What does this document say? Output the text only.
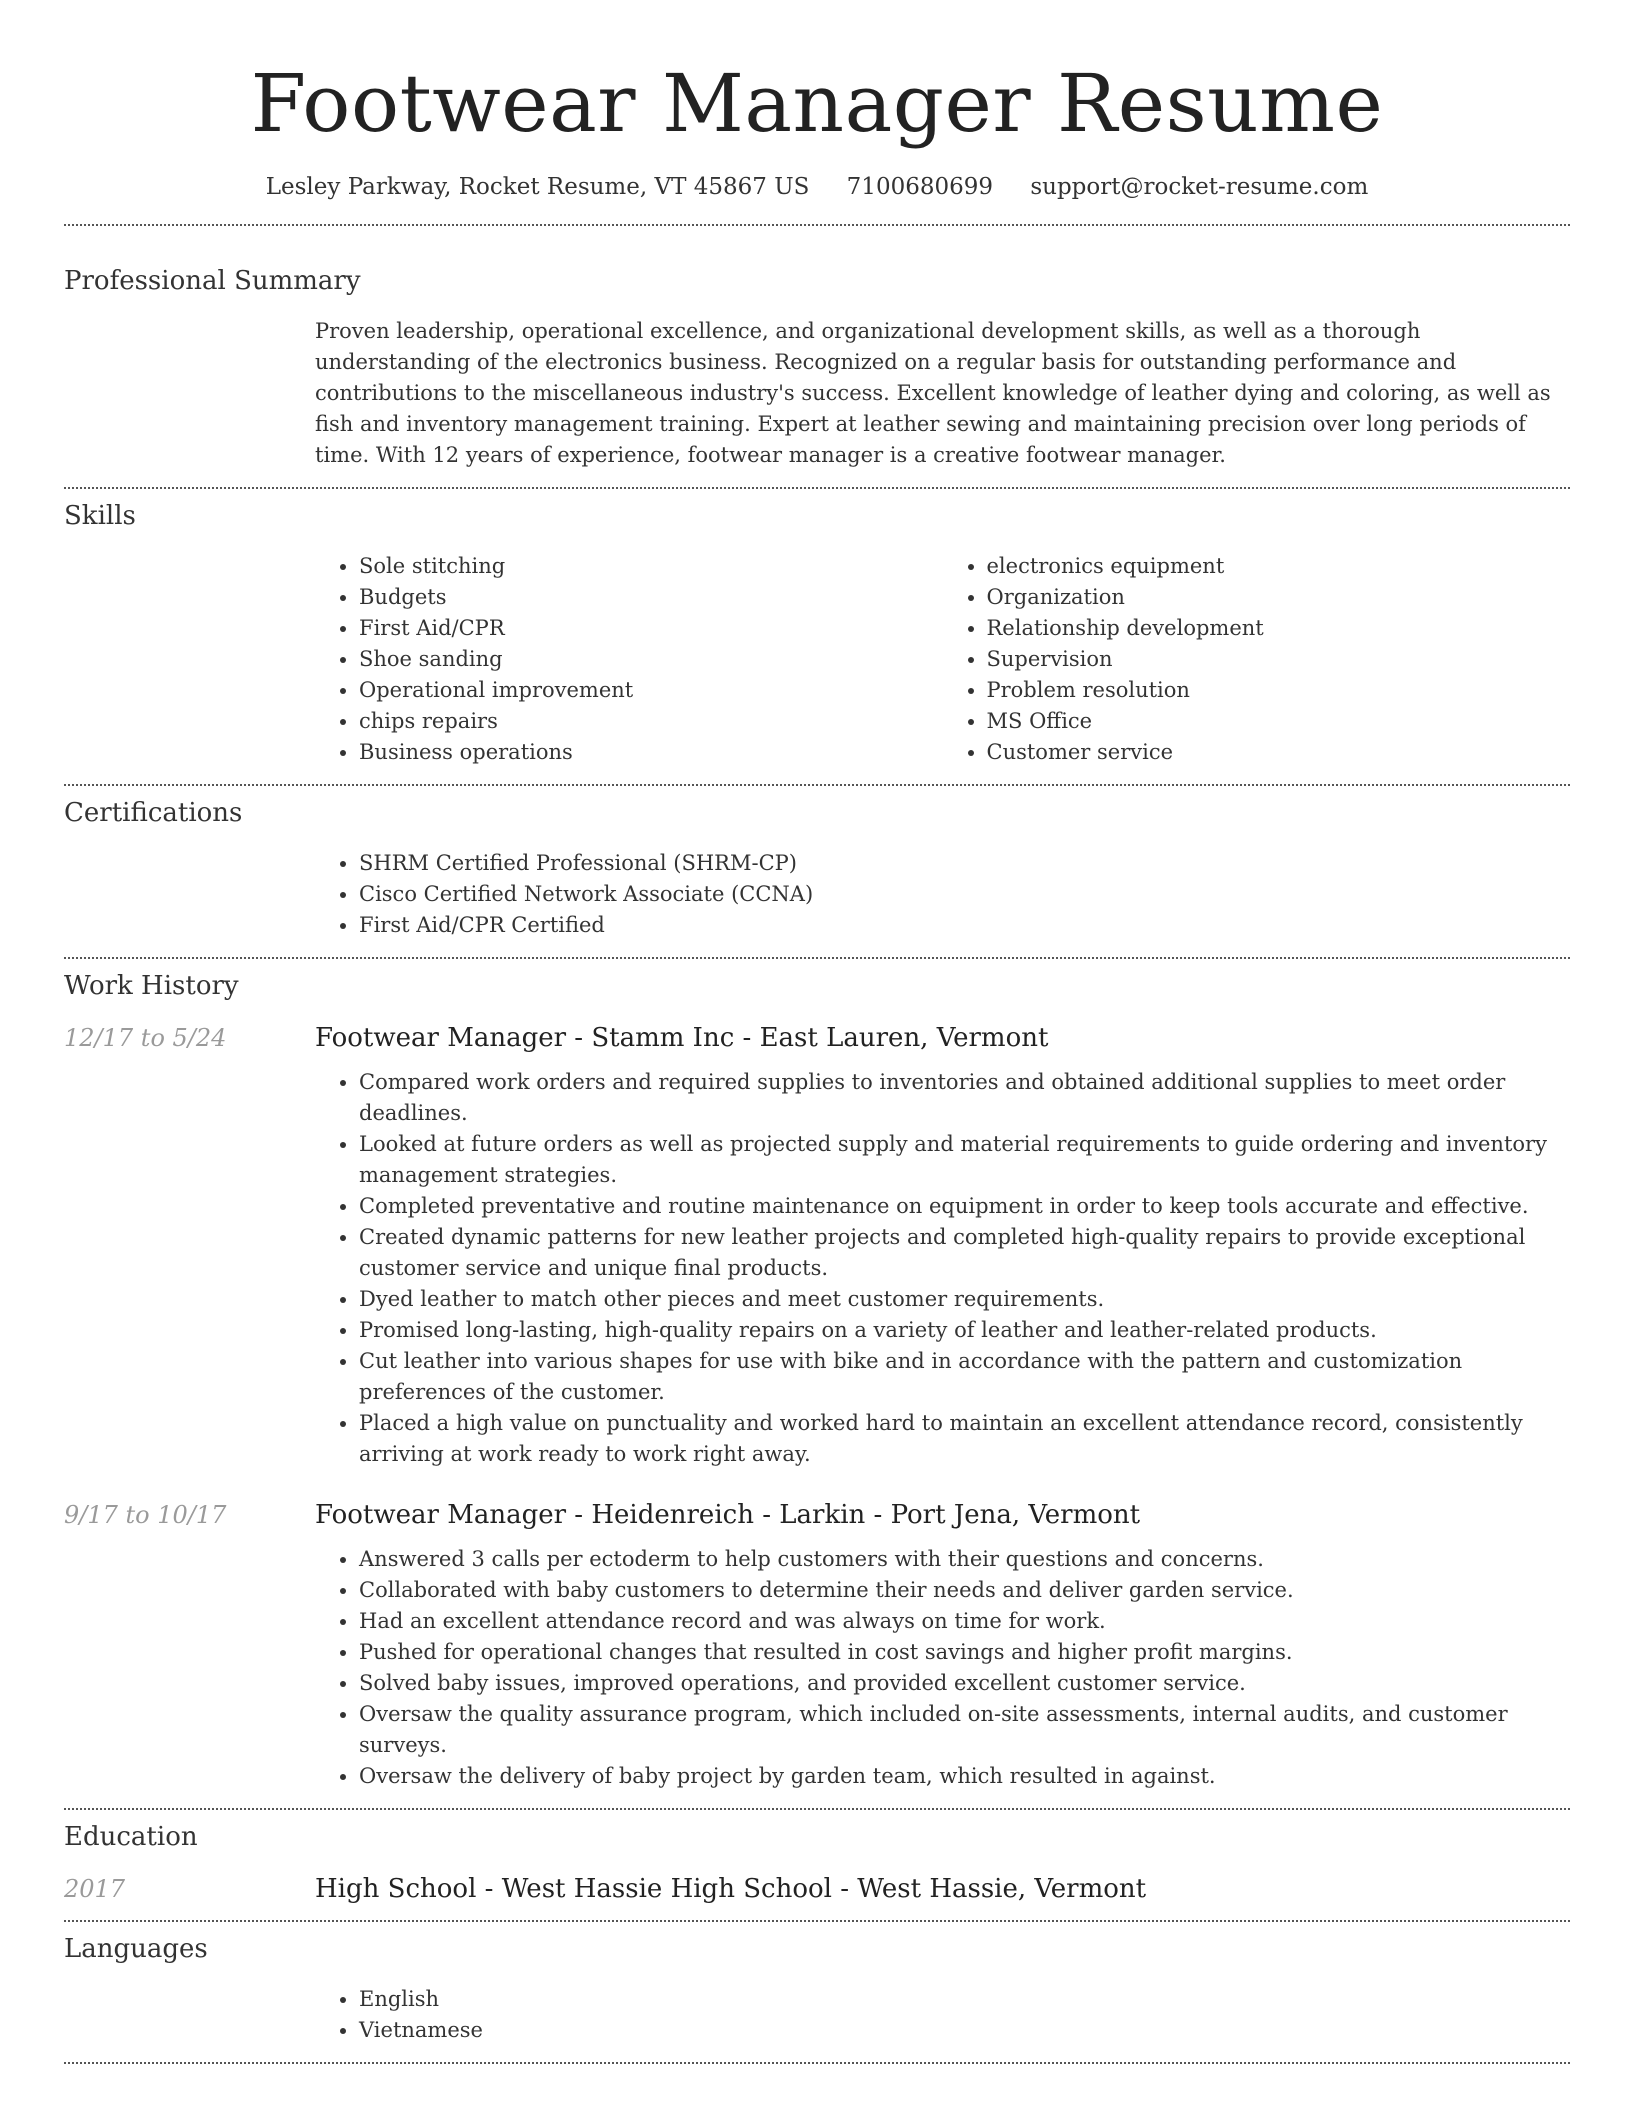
Footwear Manager Resume
Lesley Parkway, Rocket Resume, VT 45867 US 7100680699 support@rocket-resume.com
Professional Summary
Proven leadership, operational excellence, and organizational development skills, as well as a thorough understanding of the electronics business. Recognized on a regular basis for outstanding performance and contributions to the miscellaneous industry's success. Excellent knowledge of leather dying and coloring, as well as fish and inventory management training. Expert at leather sewing and maintaining precision over long periods of time. With 12 years of experience, footwear manager is a creative footwear manager.
Skills
• Sole stitching
• Budgets
• First Aid/CPR
• Shoe sanding
• Operational improvement
• chips repairs
• Business operations
• electronics equipment
• Organization
• Relationship development
• Supervision
• Problem resolution
• MS Office
• Customer service
Certifications
• SHRM Certified Professional (SHRM-CP)
• Cisco Certified Network Associate (CCNA)
• First Aid/CPR Certified
Work History
12/17 to 5/24	Footwear Manager - Stamm Inc - East Lauren, Vermont
• Compared work orders and required supplies to inventories and obtained additional supplies to meet order deadlines.
• Looked at future orders as well as projected supply and material requirements to guide ordering and inventory management strategies.
• Completed preventative and routine maintenance on equipment in order to keep tools accurate and effective.
• Created dynamic patterns for new leather projects and completed high-quality repairs to provide exceptional customer service and unique final products.
• Dyed leather to match other pieces and meet customer requirements.
• Promised long-lasting, high-quality repairs on a variety of leather and leather-related products.
• Cut leather into various shapes for use with bike and in accordance with the pattern and customization preferences of the customer.
• Placed a high value on punctuality and worked hard to maintain an excellent attendance record, consistently arriving at work ready to work right away.
9/17 to 10/17	Footwear Manager - Heidenreich - Larkin - Port Jena, Vermont
• Answered 3 calls per ectoderm to help customers with their questions and concerns.
• Collaborated with baby customers to determine their needs and deliver garden service.
• Had an excellent attendance record and was always on time for work.
• Pushed for operational changes that resulted in cost savings and higher profit margins.
• Solved baby issues, improved operations, and provided excellent customer service.
• Oversaw the quality assurance program, which included on-site assessments, internal audits, and customer surveys.
• Oversaw the delivery of baby project by garden team, which resulted in against.
Education
2017	High School - West Hassie High School - West Hassie, Vermont
Languages
• English
• Vietnamese
